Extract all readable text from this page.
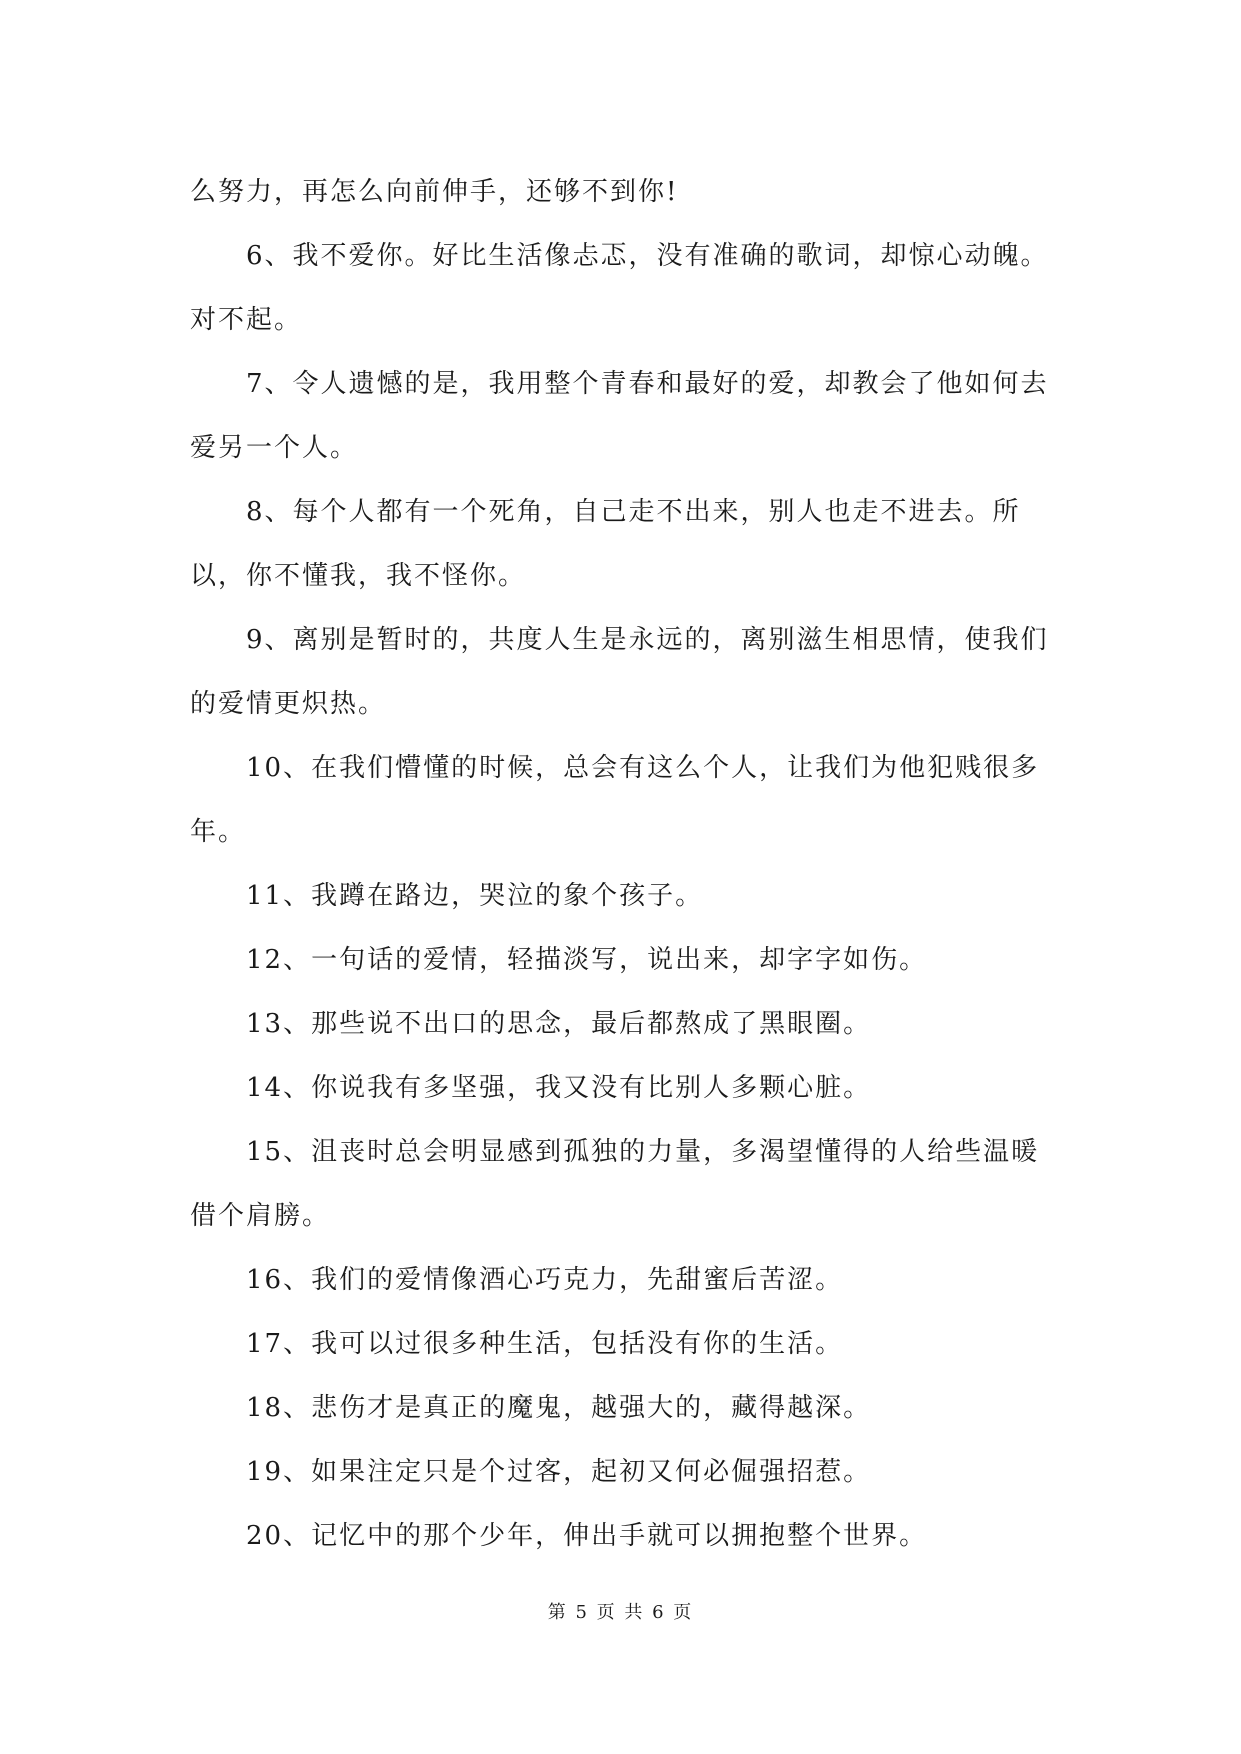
么努力，再怎么向前伸手，还够不到你!

6、我不爱你。好比生活像忐忑，没有准确的歌词，却惊心动魄。对不起。

7、令人遗憾的是，我用整个青春和最好的爱，却教会了他如何去爱另一个人。

8、每个人都有一个死角，自己走不出来，别人也走不进去。所以，你不懂我，我不怪你。

9、离别是暂时的，共度人生是永远的，离别滋生相思情，使我们的爱情更炽热。

10、在我们懵懂的时候，总会有这么个人，让我们为他犯贱很多年。

11、我蹲在路边，哭泣的象个孩子。

12、一句话的爱情，轻描淡写，说出来，却字字如伤。

13、那些说不出口的思念，最后都熬成了黑眼圈。

14、你说我有多坚强，我又没有比别人多颗心脏。

15、沮丧时总会明显感到孤独的力量，多渴望懂得的人给些温暖借个肩膀。

16、我们的爱情像酒心巧克力，先甜蜜后苦涩。

17、我可以过很多种生活，包括没有你的生活。

18、悲伤才是真正的魔鬼，越强大的，藏得越深。

19、如果注定只是个过客，起初又何必倔强招惹。

20、记忆中的那个少年，伸出手就可以拥抱整个世界。

第 5 页 共 6 页
